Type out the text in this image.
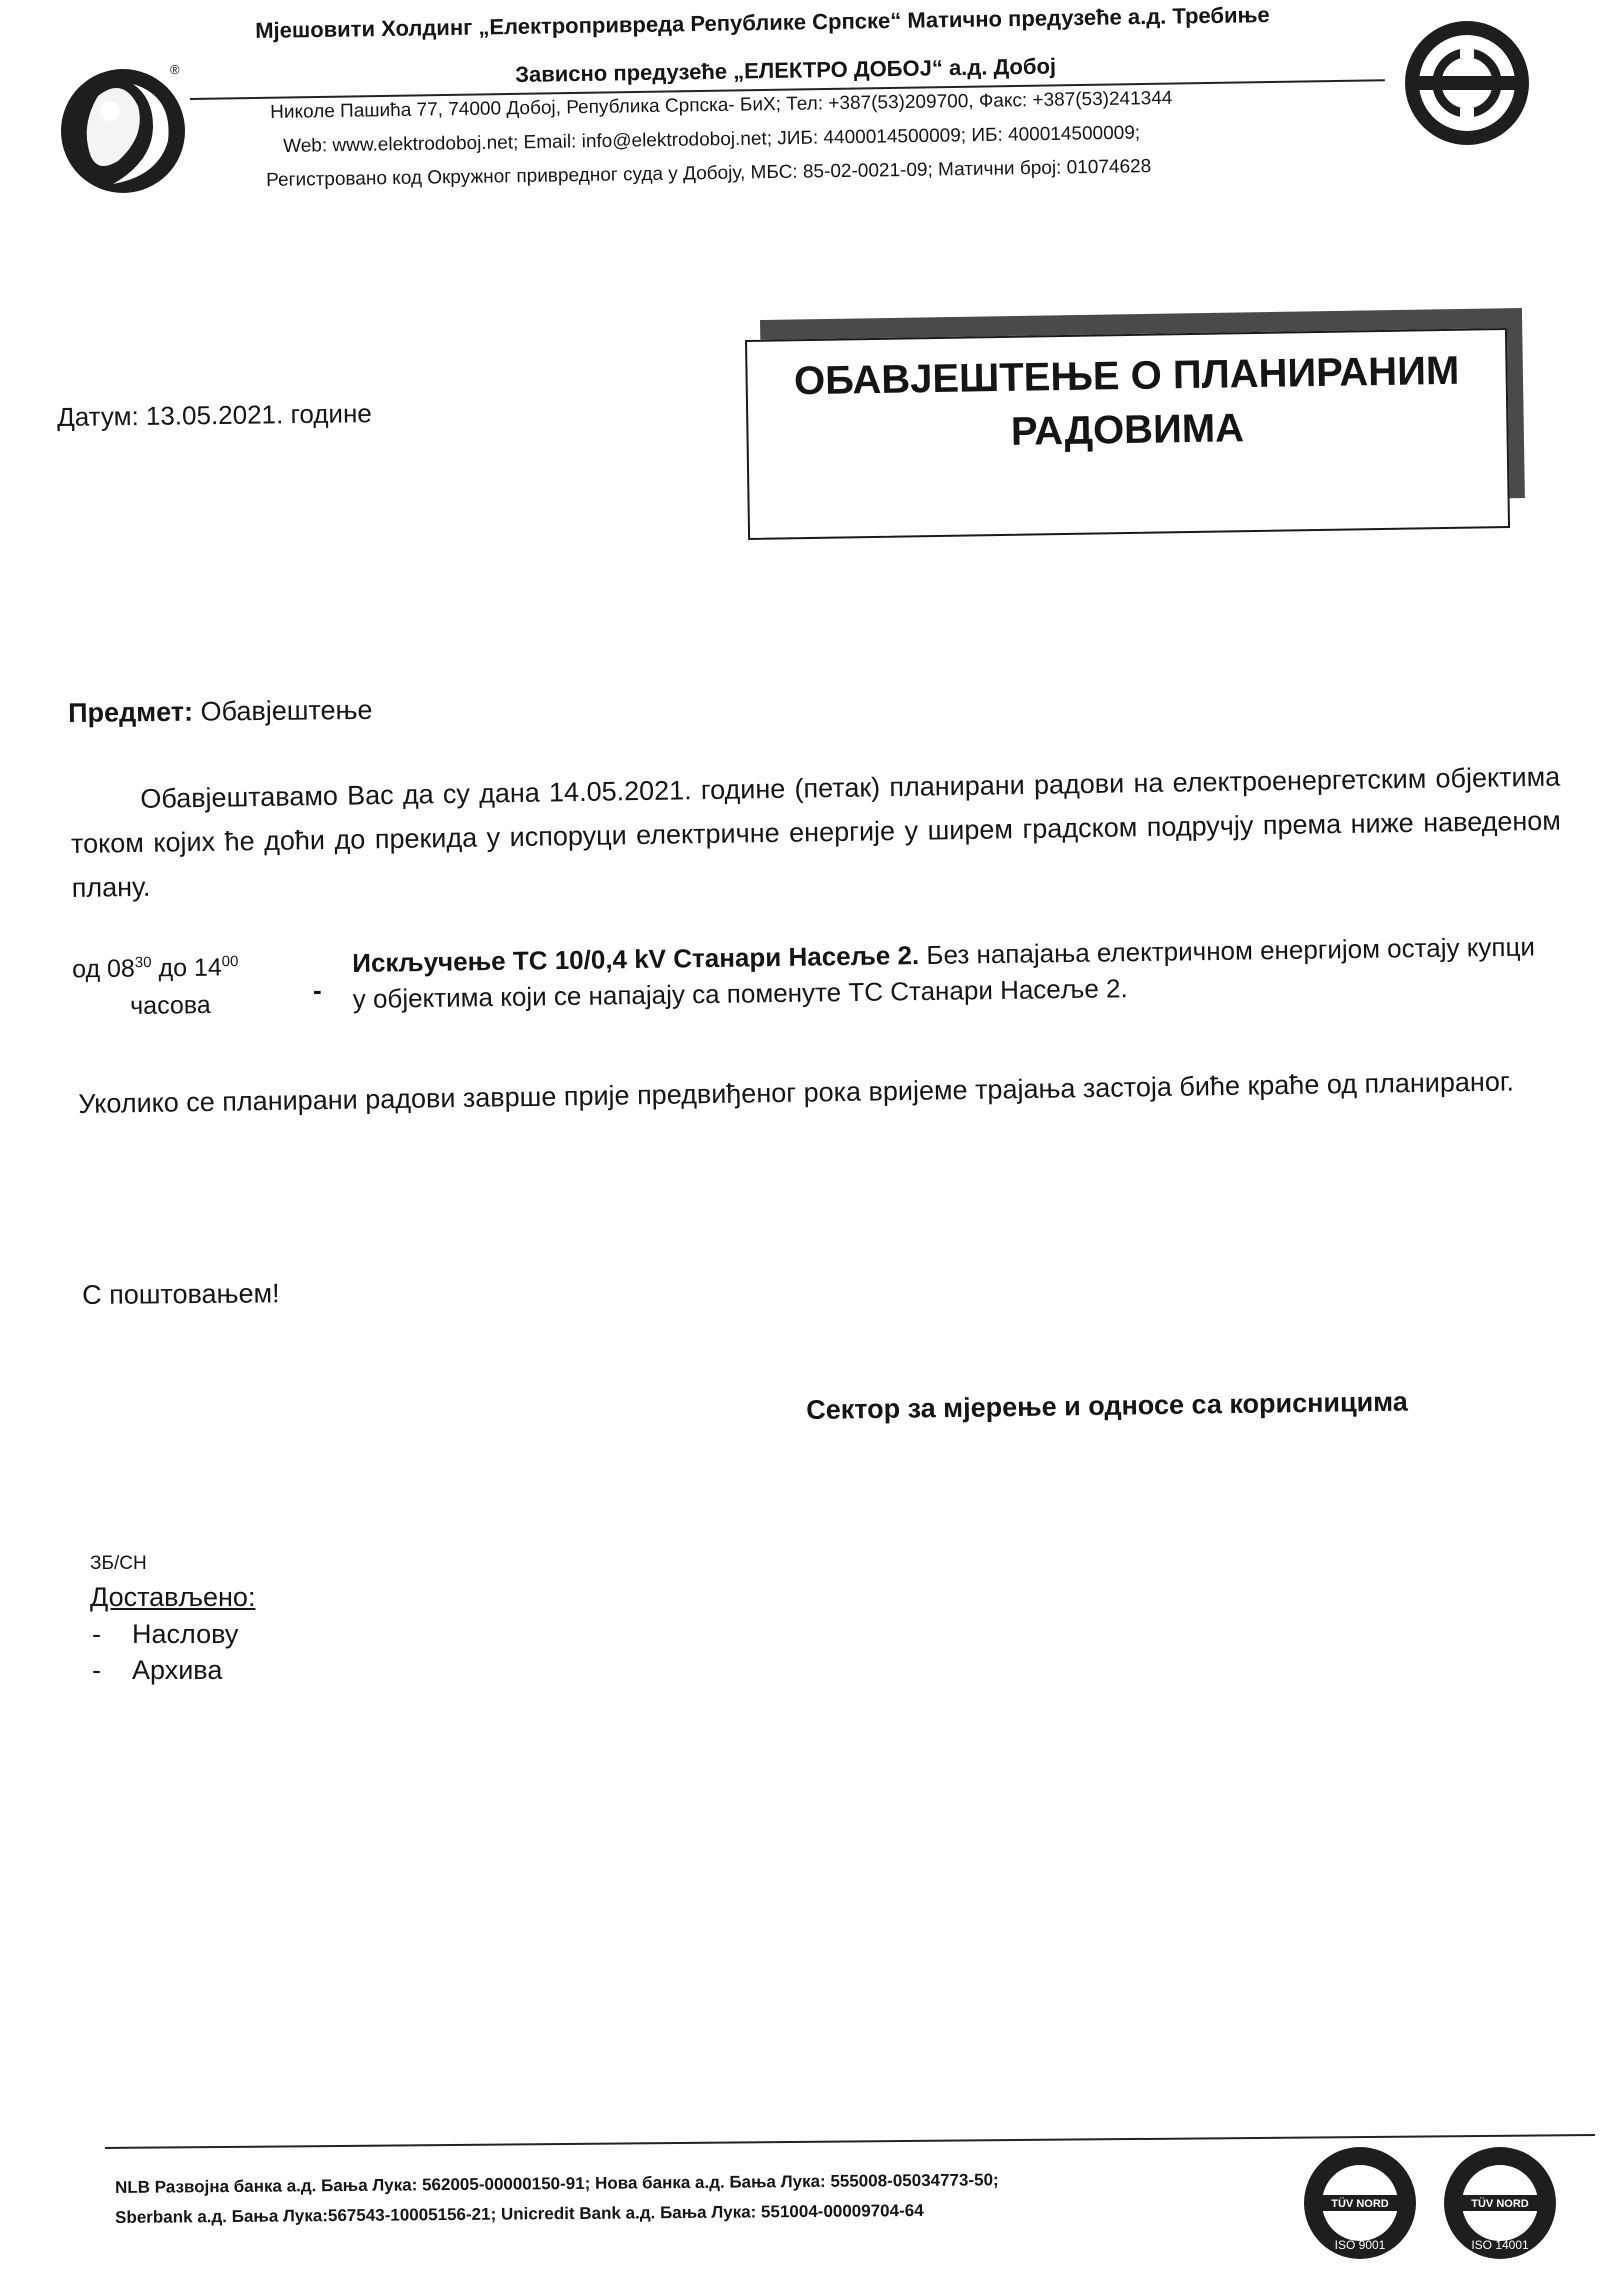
®
Мјешовити Холдинг „Електропривреда Републике Српске“ Матично предузеће а.д. Требиње
Зависно предузеће „ЕЛЕКТРО ДОБОЈ“ а.д. Добој
Николе Пашића 77, 74000 Добој, Република Српска- БиХ; Тел: +387(53)209700, Факс: +387(53)241344
Web: www.elektrodoboj.net; Email: info@elektrodoboj.net; ЈИБ: 4400014500009; ИБ: 400014500009;
Регистровано код Окружног привредног суда у Добоју, МБС: 85-02-0021-09; Матични број: 01074628
Датум: 13.05.2021. године
ОБАВЈЕШТЕЊЕ О ПЛАНИРАНИМ
РАДОВИМА
Предмет: Обавјештење
Обавјештавамо Вас да су дана 14.05.2021. године (петак) планирани радови на електроенергетским објектима током којих ће доћи до прекида у испоруци електричне енергије у ширем градском подручју према ниже наведеном плану.
од $08^{30}$ до $14^{00}$
часова
-
Искључење ТС 10/0,4 kV Станари Насеље 2. Без напајања електричном енергијом остају купци у објектима који се напајају са поменуте ТС Станари Насеље 2.
Уколико се планирани радови заврше прије предвиђеног рока вријеме трајања застоја биће краће од планираног.
С поштовањем!
Сектор за мјерење и односе са корисницима
ЗБ/СН
Достављено:
- Наслову
- Архива
NLB Развојна банка а.д. Бања Лука: 562005-00000150-91; Нова банка а.д. Бања Лука: 555008-05034773-50;
Sberbank а.д. Бања Лука:567543-10005156-21; Unicredit Bank а.д. Бања Лука: 551004-00009704-64	TÜV NORD
ISO 9001
TÜV NORD
ISO 14001
